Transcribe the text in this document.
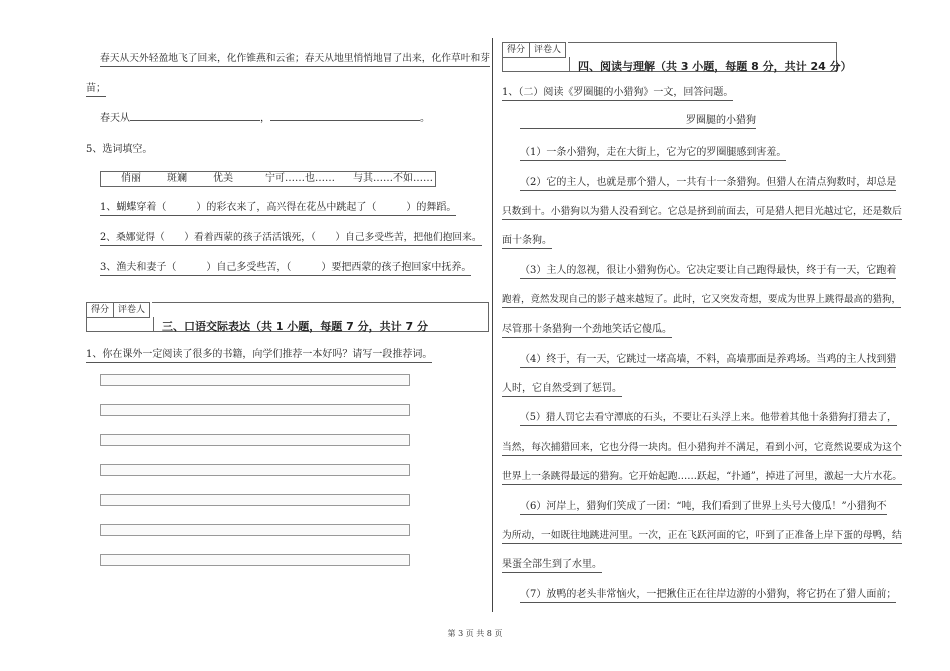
春天从天外轻盈地飞了回来，化作锥燕和云雀；春天从地里悄悄地冒了出来，化作草叶和芽
苗；
春天从	，	。
5、选词填空。
俏丽	斑斓	优美	宁可……也……	与其……不如……
1、蝴蝶穿着（　　　）的彩衣来了，高兴得在花丛中跳起了（　　　）的舞蹈。
2、桑娜觉得（　　）看着西蒙的孩子活活饿死，（　　）自己多受些苦，把他们抱回来。
3、渔夫和妻子（　　　）自己多受些苦，（　　　）要把西蒙的孩子抱回家中抚养。
得分	评卷人
三、口语交际表达（共 1 小题，每题 7 分，共计 7 分
1、你在课外一定阅读了很多的书籍，向学们推荐一本好吗？请写一段推荐词。
得分	评卷人
四、阅读与理解（共 3 小题，每题 8 分，共计 24 分）
1、（二）阅读《罗圈腿的小猎狗》一文，回答问题。
罗圈腿的小猎狗
（1）一条小猎狗，走在大街上，它为它的罗圈腿感到害羞。
（2）它的主人，也就是那个猎人，一共有十一条猎狗。但猎人在清点狗数时，却总是
只数到十。小猎狗以为猎人没看到它。它总是挤到前面去，可是猎人把目光越过它，还是数后
面十条狗。
（3）主人的忽视，很让小猎狗伤心。它决定要让自己跑得最快，终于有一天，它跑着
跑着，竟然发现自己的影子越来越短了。此时，它又突发奇想，要成为世界上跳得最高的猎狗，
尽管那十条猎狗一个劲地笑话它傻瓜。
（4）终于，有一天，它跳过一堵高墙，不料，高墙那面是养鸡场。当鸡的主人找到猎
人时，它自然受到了惩罚。
（5）猎人罚它去看守潭底的石头，不要让石头浮上来。他带着其他十条猎狗打猎去了，
当然，每次捕猎回来，它也分得一块肉。但小猎狗并不满足，看到小河，它竟然说要成为这个
世界上一条跳得最远的猎狗。它开始起跑……跃起，“扑通”，掉进了河里，激起一大片水花。
（6）河岸上，猎狗们笑成了一团：“吨，我们看到了世界上头号大傻瓜！”小猎狗不
为所动，一如既往地跳进河里。一次，正在飞跃河面的它，吓到了正准备上岸下蛋的母鸭，结
果蛋全部生到了水里。
（7）放鸭的老头非常恼火，一把揪住正在往岸边游的小猎狗，将它扔在了猎人面前；
第 3 页 共 8 页
